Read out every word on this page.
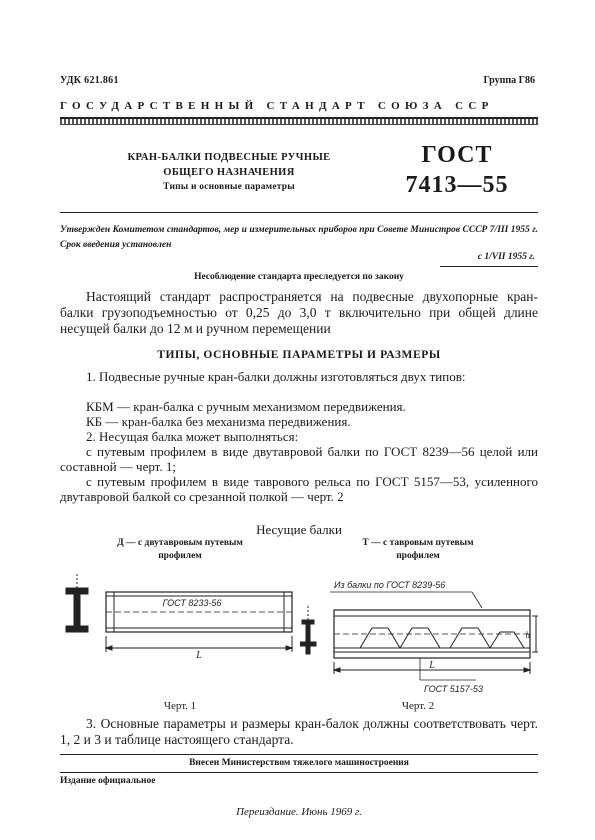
УДК 621.861	Группа Г86
ГОСУДАРСТВЕННЫЙ СТАНДАРТ СОЮЗА ССР
КРАН-БАЛКИ ПОДВЕСНЫЕ РУЧНЫЕ
ОБЩЕГО НАЗНАЧЕНИЯ
Типы и основные параметры
ГОСТ
7413—55
Утвержден Комитетом стандартов, мер и измерительных приборов при Совете Министров СССР 7/III 1955 г. Срок введения установлен
с 1/VII 1955 г.
Несоблюдение стандарта преследуется по закону
Настоящий стандарт распространяется на подвесные двухопорные кран-балки грузоподъемностью от 0,25 до 3,0 т включительно при общей длине несущей балки до 12 м и ручном перемещении
ТИПЫ, ОСНОВНЫЕ ПАРАМЕТРЫ И РАЗМЕРЫ
1. Подвесные ручные кран-балки должны изготовляться двух типов:
КБМ — кран-балка с ручным механизмом передвижения.
КБ — кран-балка без механизма передвижения.
2. Несущая балка может выполняться:
с путевым профилем в виде двутавровой балки по ГОСТ 8239—56 целой или составной — черт. 1;
с путевым профилем в виде таврового рельса по ГОСТ 5157—53, усиленного двутавровой балкой со срезанной полкой — черт. 2
Несущие балки
Д — с двутавровым путевым
профилем
Т — с тавровым путевым
профилем
ГОСТ 8233-56
L
Из балки по ГОСТ 8239-56
h
L
ГОСТ 5157-53
Черт. 1	Черт. 2
3. Основные параметры и размеры кран-балок должны соответствовать черт. 1, 2 и 3 и таблице настоящего стандарта.
Внесен Министерством тяжелого машиностроения
Издание официальное
Переиздание. Июнь 1969 г.
